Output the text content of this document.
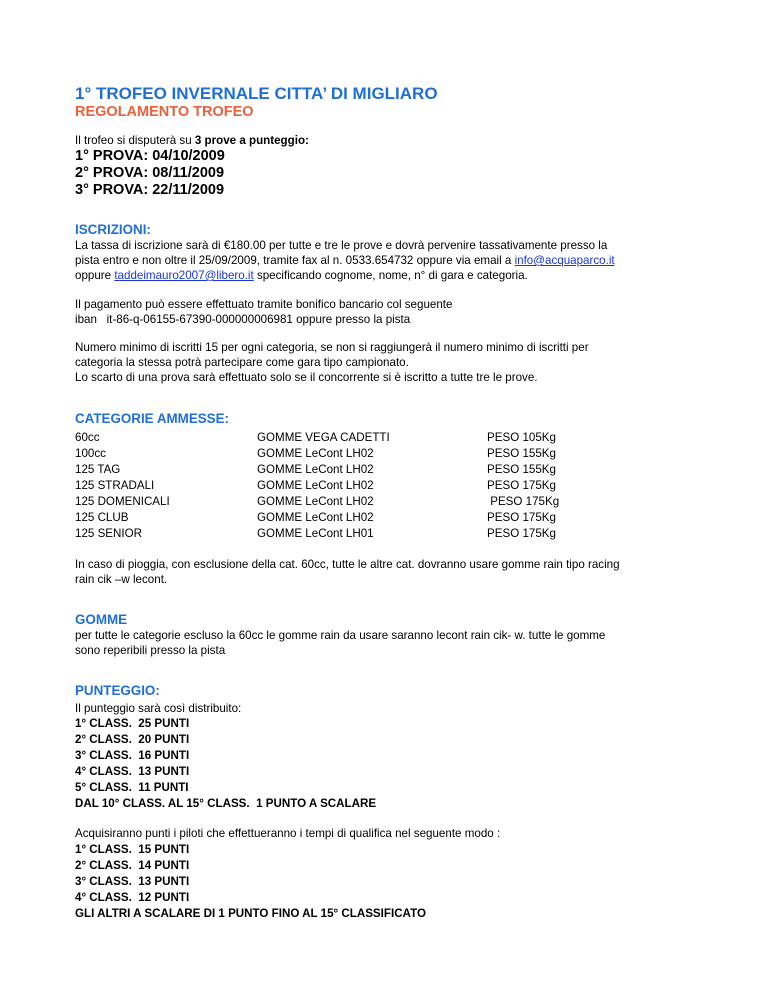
1° TROFEO INVERNALE CITTA’ DI MIGLIARO
REGOLAMENTO TROFEO
Il trofeo si disputerà su 3 prove a punteggio:
1° PROVA: 04/10/2009
2° PROVA: 08/11/2009
3° PROVA: 22/11/2009
ISCRIZIONI:
La tassa di iscrizione sarà di €180.00 per tutte e tre le prove e dovrà pervenire tassativamente presso la
pista entro e non oltre il 25/09/2009, tramite fax al n. 0533.654732 oppure via email a info@acquaparco.it
oppure taddeimauro2007@libero.it specificando cognome, nome, n° di gara e categoria.
Il pagamento può essere effettuato tramite bonifico bancario col seguente
iban   it-86-q-06155-67390-000000006981 oppure presso la pista
Numero minimo di iscritti 15 per ogni categoria, se non si raggiungerà il numero minimo di iscritti per
categoria la stessa potrà partecipare come gara tipo campionato.
Lo scarto di una prova sarà effettuato solo se il concorrente si è iscritto a tutte tre le prove.
CATEGORIE AMMESSE:
60cc	GOMME VEGA CADETTI	PESO 105Kg
100cc	GOMME LeCont LH02	PESO 155Kg
125 TAG	GOMME LeCont LH02	PESO 155Kg
125 STRADALI	GOMME LeCont LH02	PESO 175Kg
125 DOMENICALI	GOMME LeCont LH02	PESO 175Kg
125 CLUB	GOMME LeCont LH02	PESO 175Kg
125 SENIOR	GOMME LeCont LH01	PESO 175Kg
In caso di pioggia, con esclusione della cat. 60cc, tutte le altre cat. dovranno usare gomme rain tipo racing
rain cik –w lecont.
GOMME
per tutte le categorie escluso la 60cc le gomme rain da usare saranno lecont rain cik- w. tutte le gomme
sono reperibili presso la pista
PUNTEGGIO:
Il punteggio sarà così distribuito:
1° CLASS.  25 PUNTI
2° CLASS.  20 PUNTI
3° CLASS.  16 PUNTI
4° CLASS.  13 PUNTI
5° CLASS.  11 PUNTI
DAL 10° CLASS. AL 15° CLASS.  1 PUNTO A SCALARE
Acquisiranno punti i piloti che effettueranno i tempi di qualifica nel seguente modo :
1° CLASS.  15 PUNTI
2° CLASS.  14 PUNTI
3° CLASS.  13 PUNTI
4° CLASS.  12 PUNTI
GLI ALTRI A SCALARE DI 1 PUNTO FINO AL 15° CLASSIFICATO
